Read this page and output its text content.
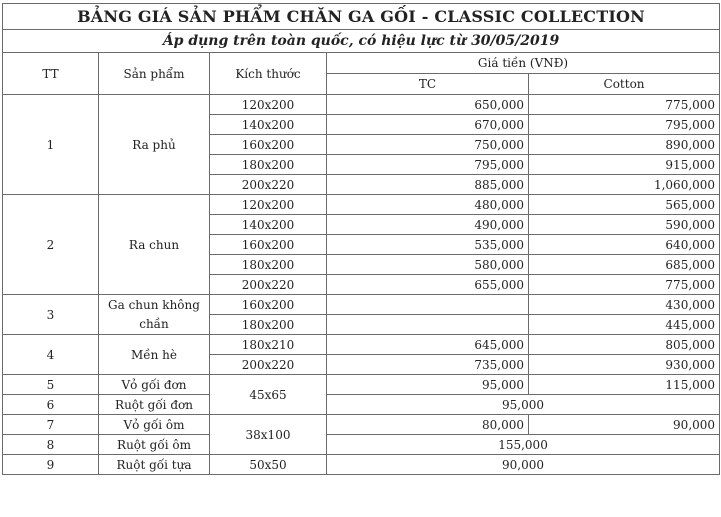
BẢNG GIÁ SẢN PHẨM CHĂN GA GỐI - CLASSIC COLLECTION				
Áp dụng trên toàn quốc, có hiệu lực từ 30/05/2019				
TT	Sản phẩm	Kích thước	Giá tiền (VNĐ)	
			TC	Cotton
1	Ra phủ	120x200	650,000	775,000
		140x200	670,000	795,000
		160x200	750,000	890,000
		180x200	795,000	915,000
		200x220	885,000	1,060,000
2	Ra chun	120x200	480,000	565,000
		140x200	490,000	590,000
		160x200	535,000	640,000
		180x200	580,000	685,000
		200x220	655,000	775,000
3	Ga chun không chần	160x200		430,000
		180x200		445,000
4	Mền hè	180x210	645,000	805,000
		200x220	735,000	930,000
5	Vỏ gối đơn	45x65	95,000	115,000
6	Ruột gối đơn		95,000	
7	Vỏ gối ôm	38x100	80,000	90,000
8	Ruột gối ôm		155,000	
9	Ruột gối tựa	50x50	90,000	
